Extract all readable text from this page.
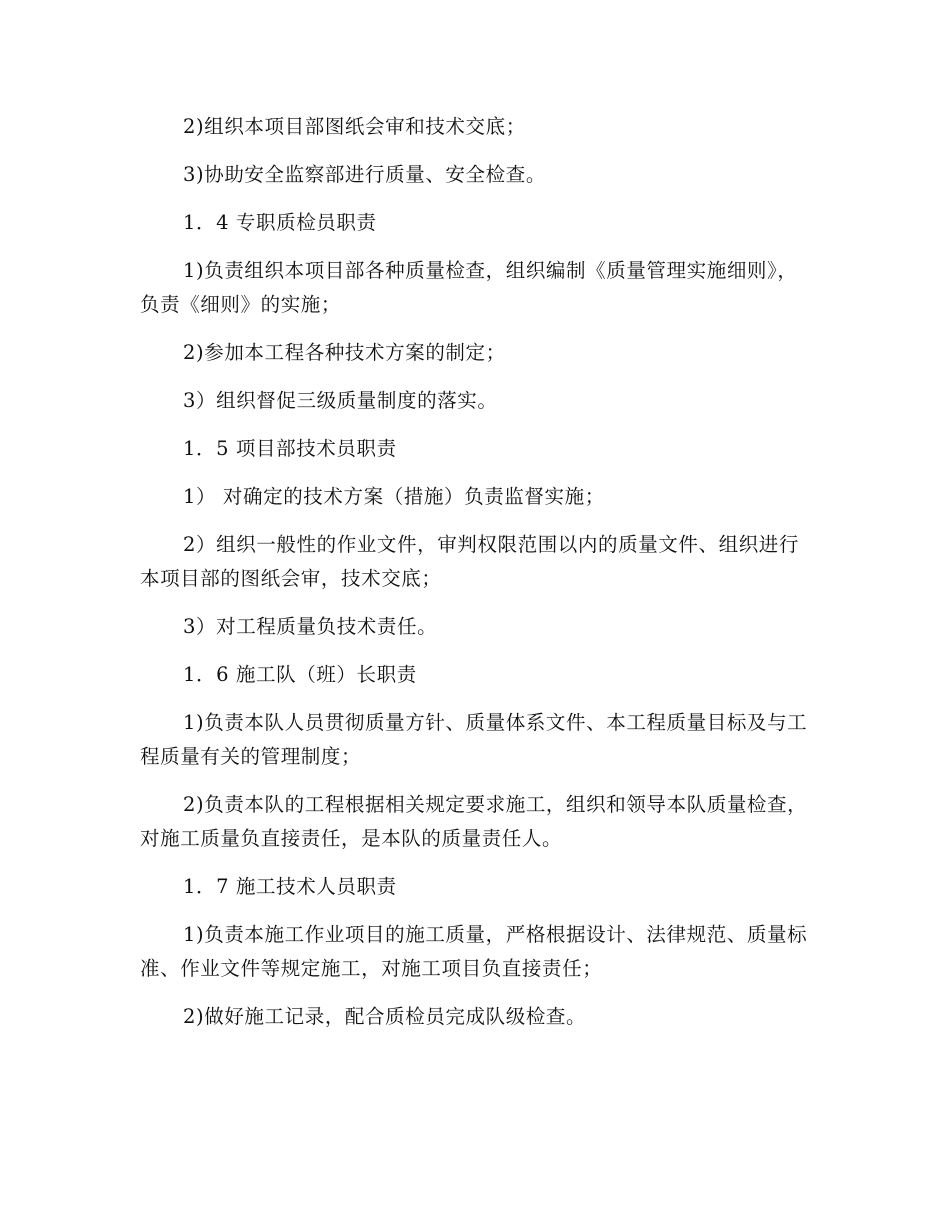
2)组织本项目部图纸会审和技术交底；

3)协助安全监察部进行质量、安全检查。

1．4 专职质检员职责

1)负责组织本项目部各种质量检查，组织编制《质量管理实施细则》，负责《细则》的实施；

2)参加本工程各种技术方案的制定；

3）组织督促三级质量制度的落实。

1．5 项目部技术员职责

1） 对确定的技术方案（措施）负责监督实施；

2）组织一般性的作业文件，审判权限范围以内的质量文件、组织进行本项目部的图纸会审，技术交底；

3）对工程质量负技术责任。

1．6 施工队（班）长职责

1)负责本队人员贯彻质量方针、质量体系文件、本工程质量目标及与工程质量有关的管理制度；

2)负责本队的工程根据相关规定要求施工，组织和领导本队质量检查，对施工质量负直接责任，是本队的质量责任人。

1．7 施工技术人员职责

1)负责本施工作业项目的施工质量，严格根据设计、法律规范、质量标准、作业文件等规定施工，对施工项目负直接责任；

2)做好施工记录，配合质检员完成队级检查。
